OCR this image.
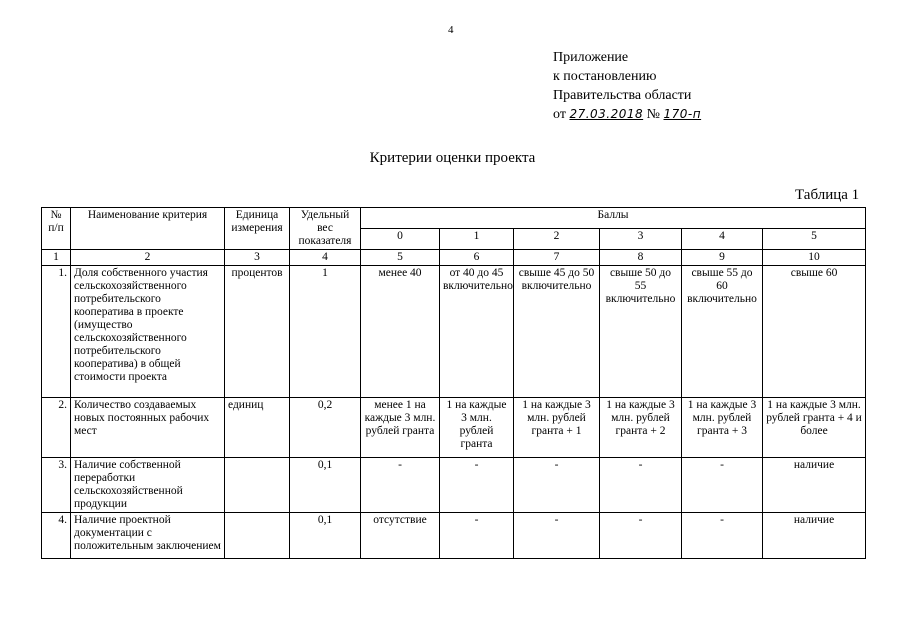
4
Приложение
к постановлению
Правительства области
от 27.03.2018 № 170-п
Критерии оценки проекта
Таблица 1
№ п/п	Наименование критерия	Единица измерения	Удельный вес показателя	Баллы					
				0	1	2	3	4	5
1	2	3	4	5	6	7	8	9	10
1.	Доля собственного участия сельскохозяйственного потребительского кооператива в проекте (имущество сельскохозяйственного потребительского кооператива) в общей стоимости проекта	процентов	1	менее 40	от 40 до 45 включительно	свыше 45 до 50 включительно	свыше 50 до 55 включительно	свыше 55 до 60 включительно	свыше 60
2.	Количество создаваемых новых постоянных рабочих мест	единиц	0,2	менее 1 на каждые 3 млн. рублей гранта	1 на каждые 3 млн. рублей гранта	1 на каждые 3 млн. рублей гранта + 1	1 на каждые 3 млн. рублей гранта + 2	1 на каждые 3 млн. рублей гранта + 3	1 на каждые 3 млн. рублей гранта + 4 и более
3.	Наличие собственной переработки сельскохозяйственной продукции		0,1	-	-	-	-	-	наличие
4.	Наличие проектной документации с положительным заключением		0,1	отсутствие	-	-	-	-	наличие
